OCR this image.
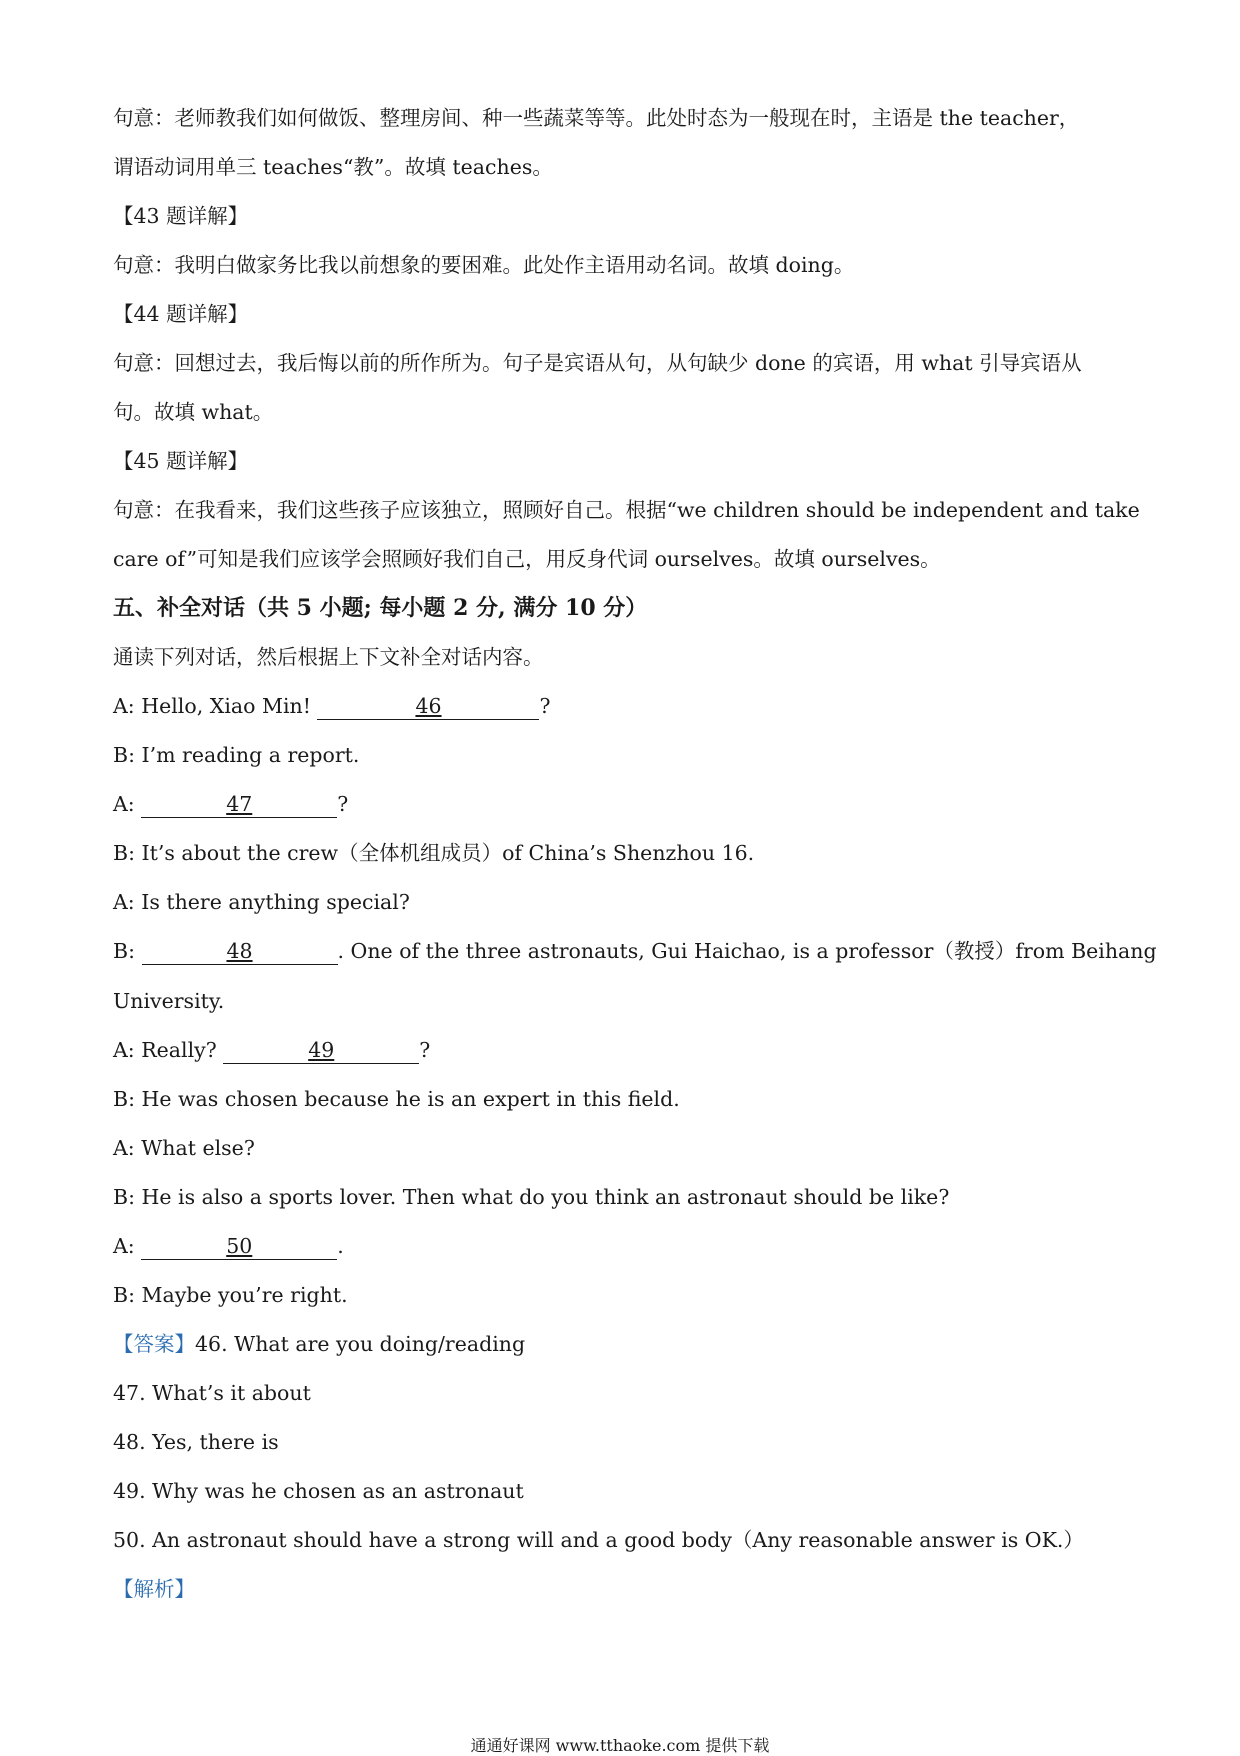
句意：老师教我们如何做饭、整理房间、种一些蔬菜等等。此处时态为一般现在时，主语是 the teacher，
谓语动词用单三 teaches“教”。故填 teaches。
【43 题详解】
句意：我明白做家务比我以前想象的要困难。此处作主语用动名词。故填 doing。
【44 题详解】
句意：回想过去，我后悔以前的所作所为。句子是宾语从句，从句缺少 done 的宾语，用 what 引导宾语从
句。故填 what。
【45 题详解】
句意：在我看来，我们这些孩子应该独立，照顾好自己。根据“we children should be independent and take
care of”可知是我们应该学会照顾好我们自己，用反身代词 ourselves。故填 ourselves。
五、补全对话（共 5 小题; 每小题 2 分, 满分 10 分）
通读下列对话，然后根据上下文补全对话内容。
A: Hello, Xiao Min!	46	?
B: I’m reading a report.
A:	47	?
B: It’s about the crew（全体机组成员）of China’s Shenzhou 16.
A: Is there anything special?
B:	48	. One of the three astronauts, Gui Haichao, is a professor（教授）from Beihang
University.
A: Really?	49	?
B: He was chosen because he is an expert in this field.
A: What else?
B: He is also a sports lover. Then what do you think an astronaut should be like?
A:	50	.
B: Maybe you’re right.
【答案】46. What are you doing/reading
47. What’s it about
48. Yes, there is
49. Why was he chosen as an astronaut
50. An astronaut should have a strong will and a good body（Any reasonable answer is OK.）
【解析】
通通好课网 www.tthaoke.com 提供下载
